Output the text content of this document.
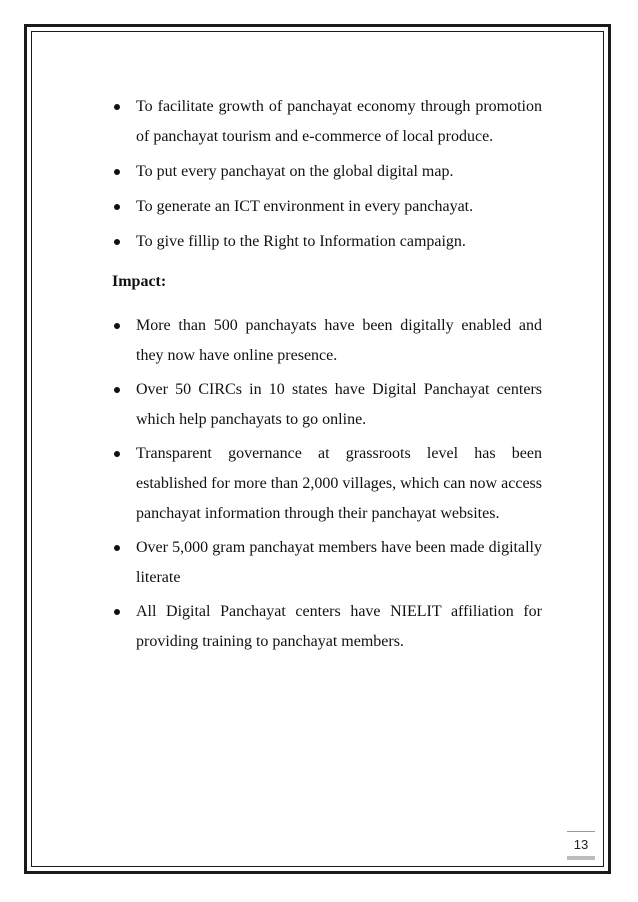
To facilitate growth of panchayat economy through promotion of panchayat tourism and e-commerce of local produce.
To put every panchayat on the global digital map.
To generate an ICT environment in every panchayat.
To give fillip to the Right to Information campaign.
Impact:
More than 500 panchayats have been digitally enabled and they now have online presence.
Over 50 CIRCs in 10 states have Digital Panchayat centers which help panchayats to go online.
Transparent governance at grassroots level has been established for more than 2,000 villages, which can now access panchayat information through their panchayat websites.
Over 5,000 gram panchayat members have been made digitally literate
All Digital Panchayat centers have NIELIT affiliation for providing training to panchayat members.
13
